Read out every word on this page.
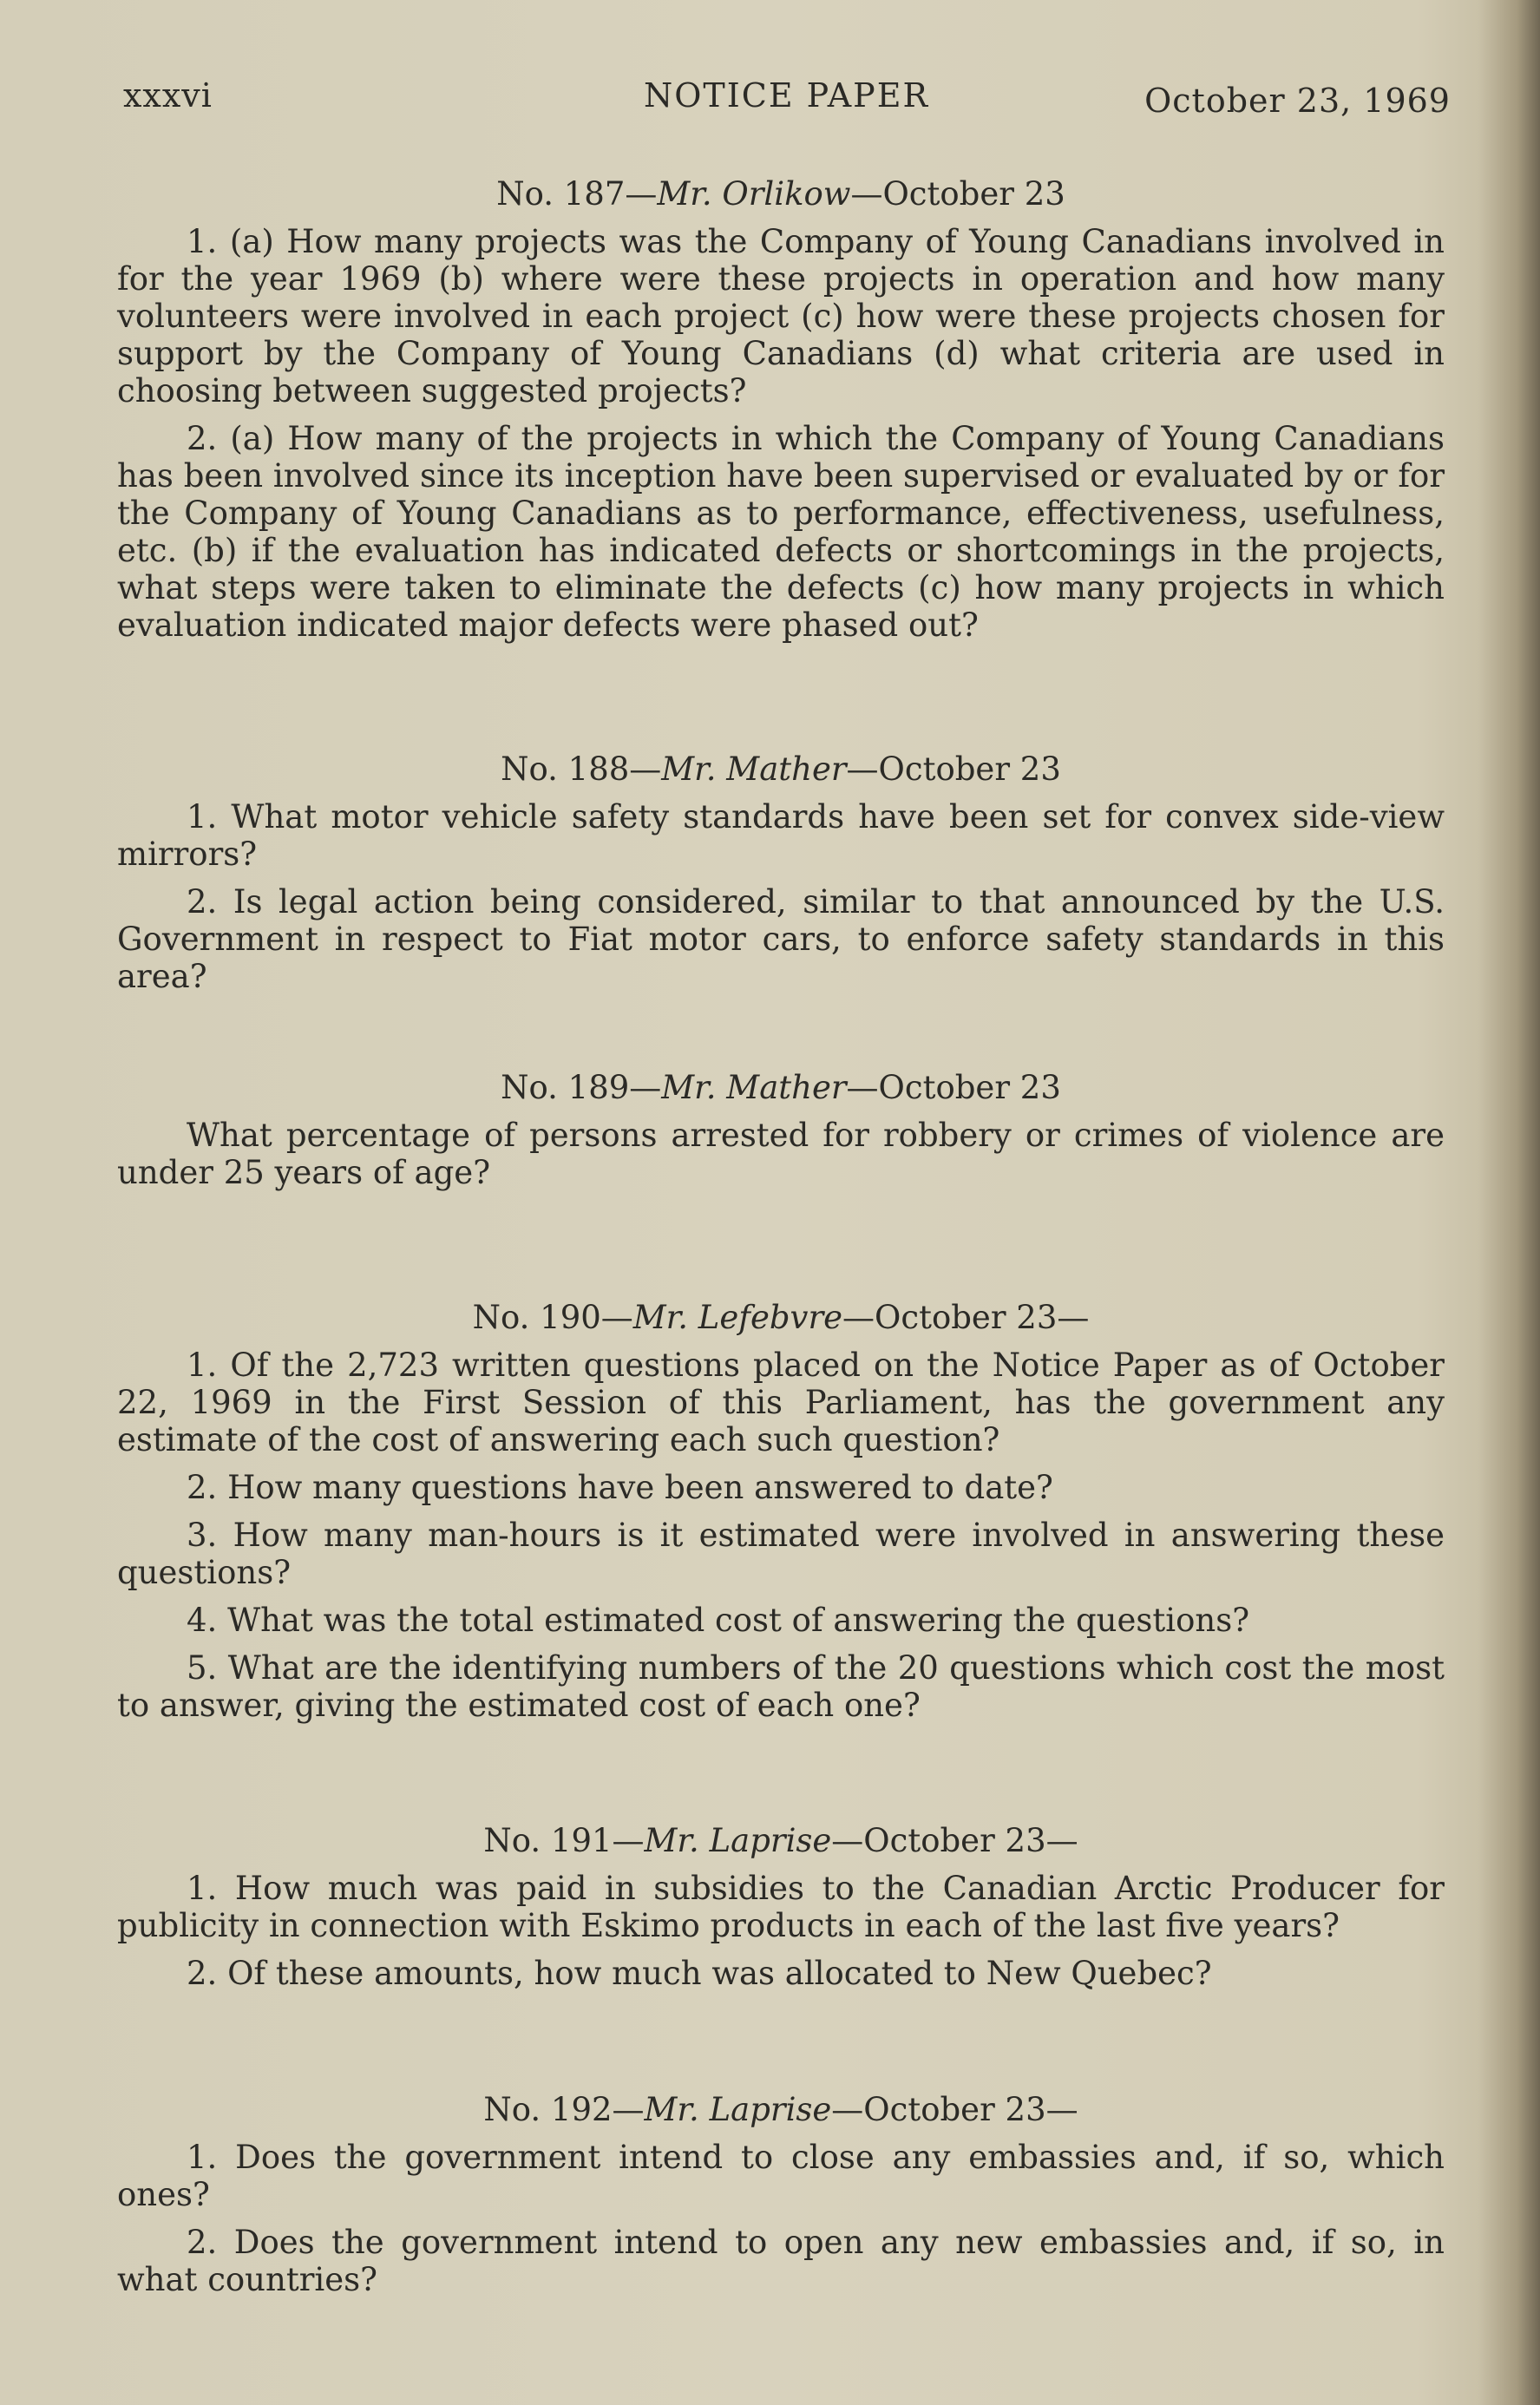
xxxvi	NOTICE PAPER	October 23, 1969
No. 187—Mr. Orlikow—October 23

1. (a) How many projects was the Company of Young Canadians involved in for the year 1969 (b) where were these projects in operation and how many volunteers were involved in each project (c) how were these projects chosen for support by the Company of Young Canadians (d) what criteria are used in choosing between suggested projects?

2. (a) How many of the projects in which the Company of Young Canadians has been involved since its inception have been supervised or evaluated by or for the Company of Young Canadians as to performance, effectiveness, usefulness, etc. (b) if the evaluation has indicated defects or shortcomings in the projects, what steps were taken to eliminate the defects (c) how many projects in which evaluation indicated major defects were phased out?

No. 188—Mr. Mather—October 23

1. What motor vehicle safety standards have been set for convex side-view mirrors?

2. Is legal action being considered, similar to that announced by the U.S. Government in respect to Fiat motor cars, to enforce safety standards in this area?

No. 189—Mr. Mather—October 23

What percentage of persons arrested for robbery or crimes of violence are under 25 years of age?

No. 190—Mr. Lefebvre—October 23—

1. Of the 2,723 written questions placed on the Notice Paper as of October 22, 1969 in the First Session of this Parliament, has the government any estimate of the cost of answering each such question?

2. How many questions have been answered to date?

3. How many man-hours is it estimated were involved in answering these questions?

4. What was the total estimated cost of answering the questions?

5. What are the identifying numbers of the 20 questions which cost the most to answer, giving the estimated cost of each one?

No. 191—Mr. Laprise—October 23—

1. How much was paid in subsidies to the Canadian Arctic Producer for publicity in connection with Eskimo products in each of the last five years?

2. Of these amounts, how much was allocated to New Quebec?

No. 192—Mr. Laprise—October 23—

1. Does the government intend to close any embassies and, if so, which ones?

2. Does the government intend to open any new embassies and, if so, in what countries?
